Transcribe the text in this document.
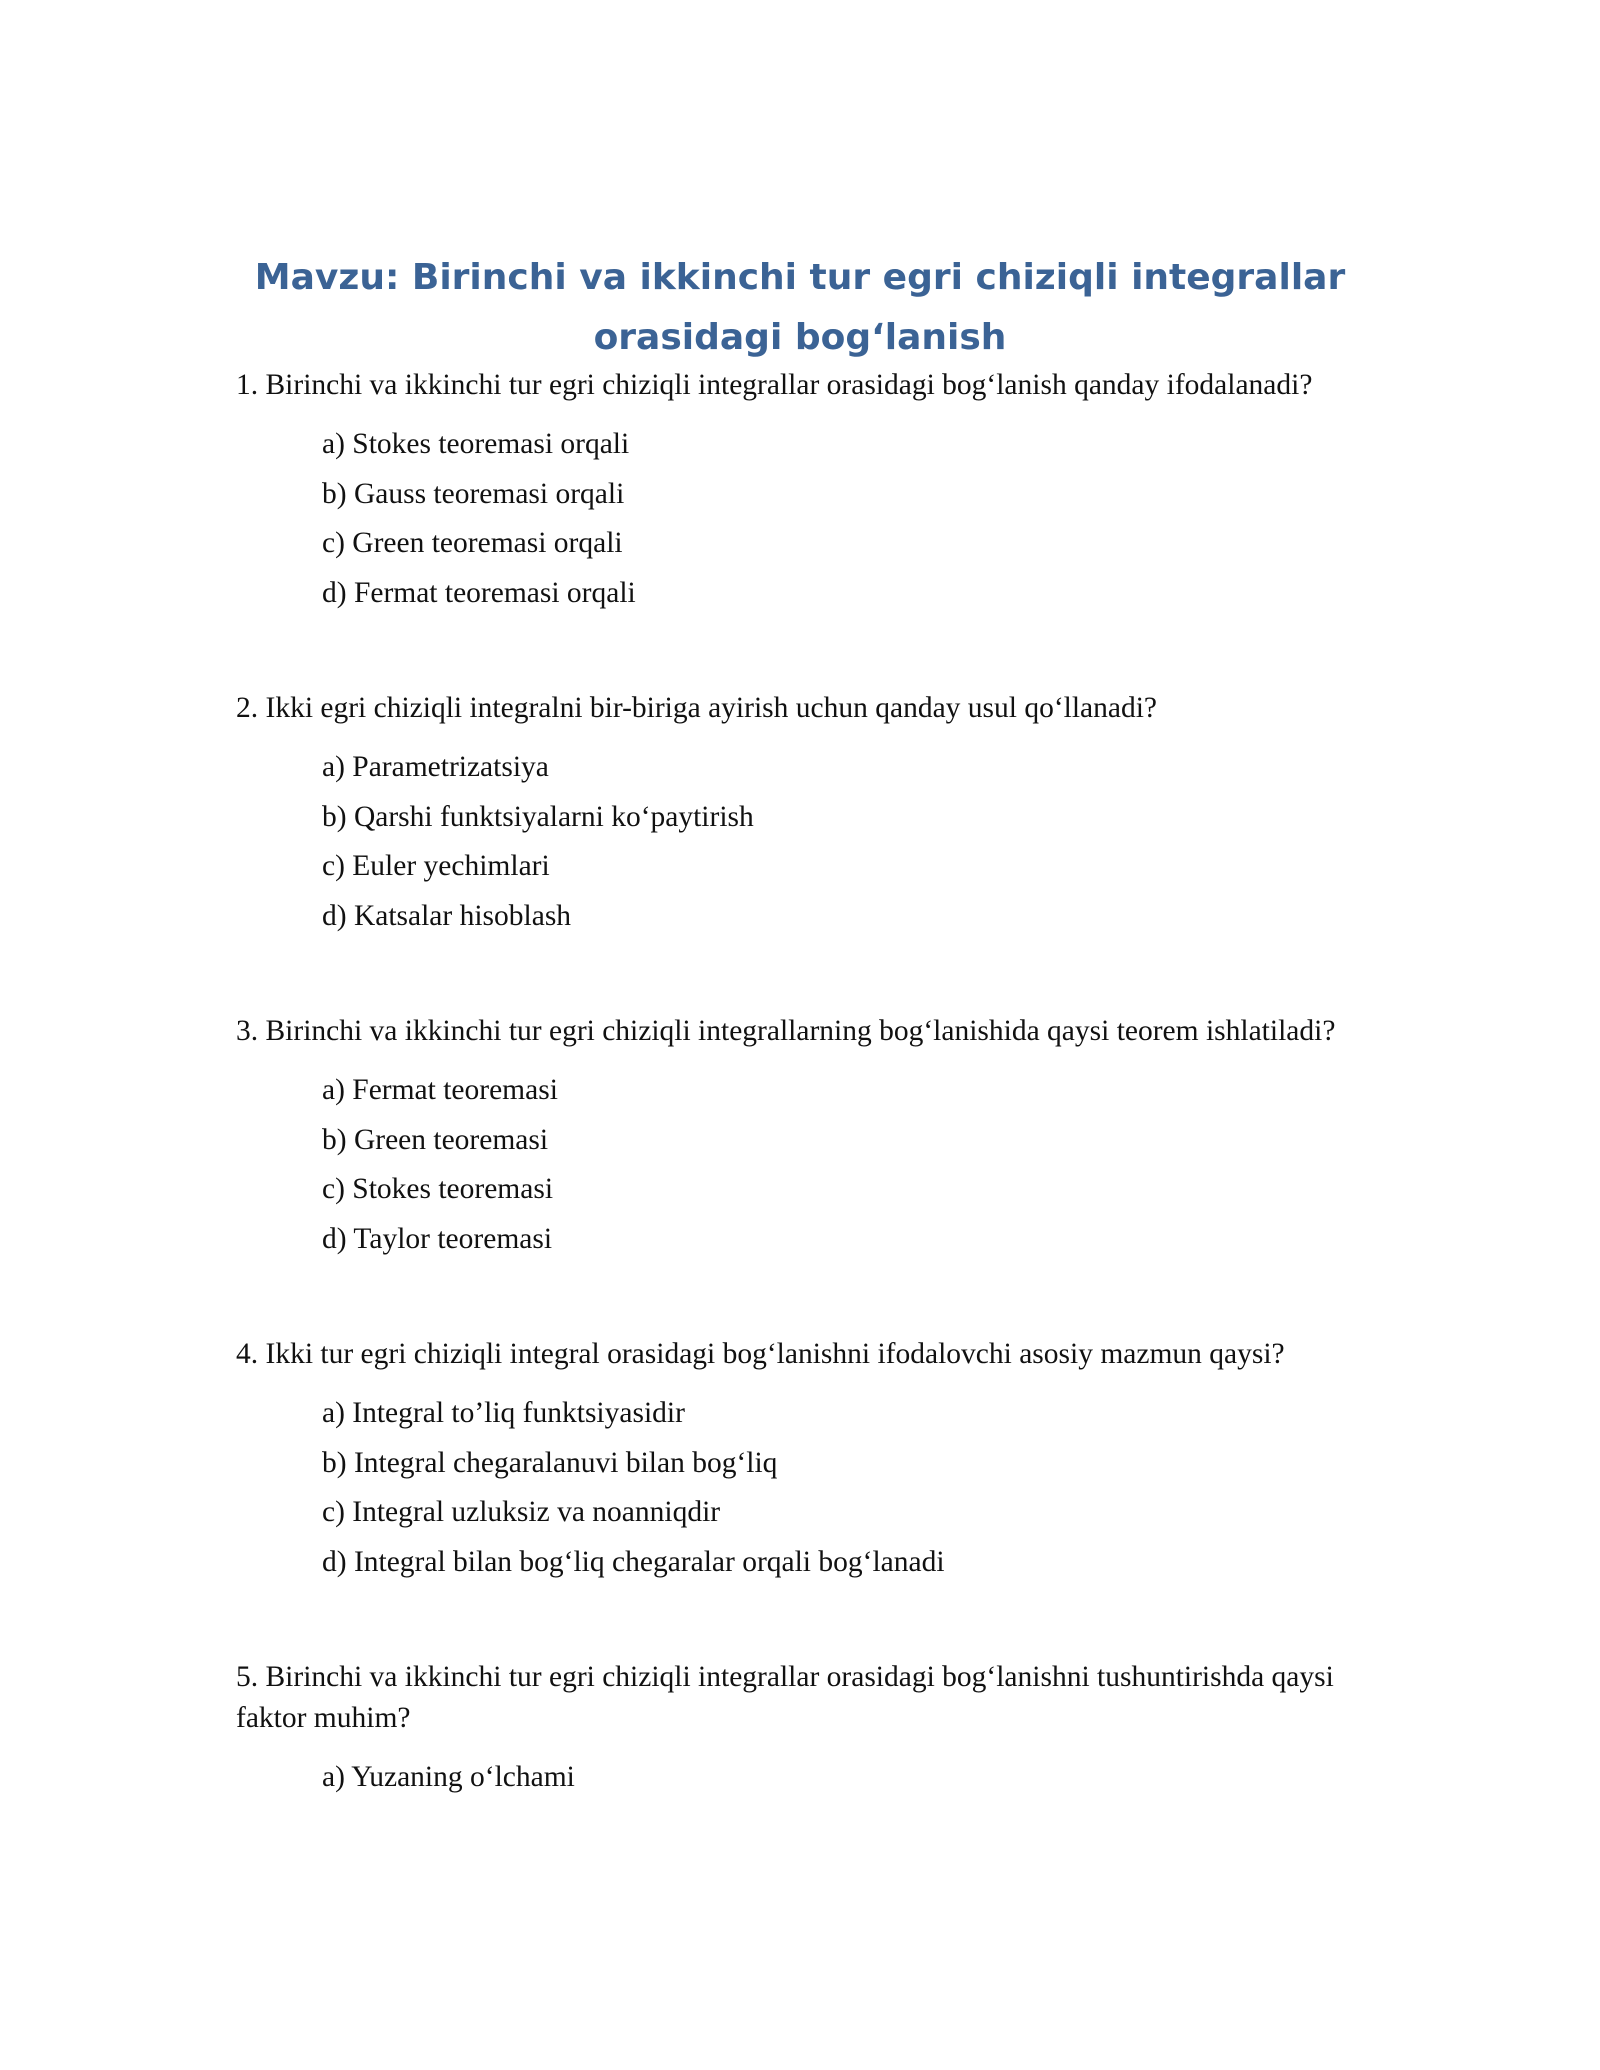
Mavzu: Birinchi va ikkinchi tur egri chiziqli integrallar orasidagi bog‘lanish

1. Birinchi va ikkinchi tur egri chiziqli integrallar orasidagi bog‘lanish qanday ifodalanadi?

a) Stokes teoremasi orqali
b) Gauss teoremasi orqali
c) Green teoremasi orqali
d) Fermat teoremasi orqali

2. Ikki egri chiziqli integralni bir-biriga ayirish uchun qanday usul qo‘llanadi?

a) Parametrizatsiya
b) Qarshi funktsiyalarni ko‘paytirish
c) Euler yechimlari
d) Katsalar hisoblash

3. Birinchi va ikkinchi tur egri chiziqli integrallarning bog‘lanishida qaysi teorem ishlatiladi?

a) Fermat teoremasi
b) Green teoremasi
c) Stokes teoremasi
d) Taylor teoremasi

4. Ikki tur egri chiziqli integral orasidagi bog‘lanishni ifodalovchi asosiy mazmun qaysi?

a) Integral to’liq funktsiyasidir
b) Integral chegaralanuvi bilan bog‘liq
c) Integral uzluksiz va noanniqdir
d) Integral bilan bog‘liq chegaralar orqali bog‘lanadi

5. Birinchi va ikkinchi tur egri chiziqli integrallar orasidagi bog‘lanishni tushuntirishda qaysi faktor muhim?

a) Yuzaning o‘lchami
